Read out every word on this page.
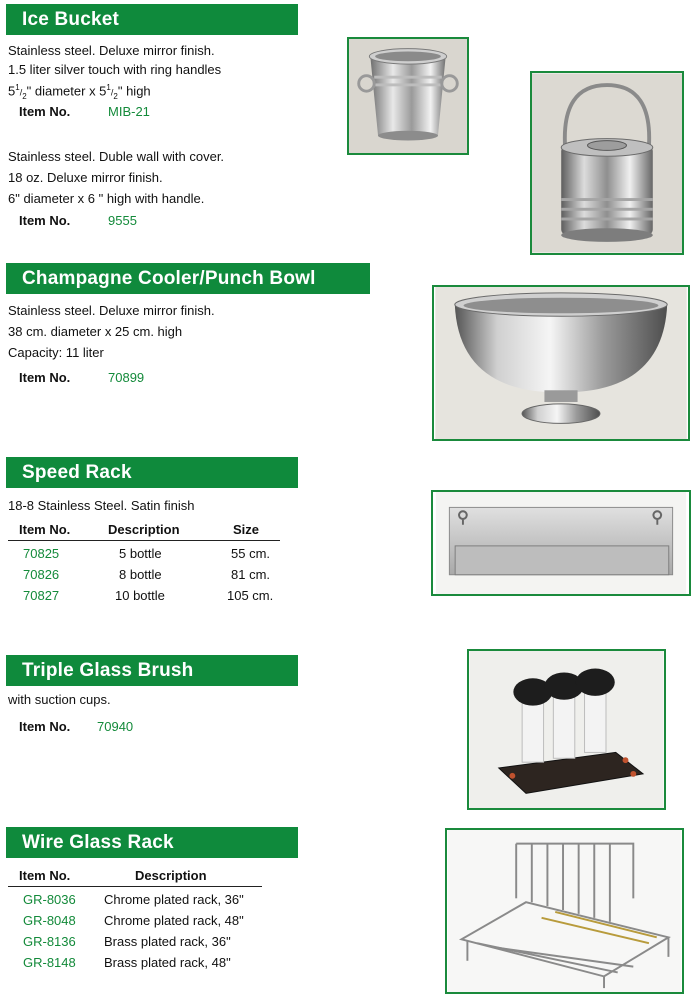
Ice Bucket
Stainless steel. Deluxe mirror finish.
1.5 liter silver touch with ring handles
$5^1/_2$" diameter x $5^1/_2$" high
Item No.	MIB-21
Stainless steel. Duble wall with cover.
18 oz. Deluxe mirror finish.
6" diameter x 6 " high with handle.
Item No.	9555
Champagne Cooler/Punch Bowl
Stainless steel. Deluxe mirror finish.
38 cm. diameter x 25 cm. high
Capacity: 11 liter
Item No.	70899
Speed Rack
18-8 Stainless Steel. Satin finish
Item No.	Description	Size
70825	5 bottle	55 cm.
70826	8 bottle	81 cm.
70827	10 bottle	105 cm.
Triple Glass Brush
with suction cups.
Item No. 70940
Wire Glass Rack
Item No.	Description
GR-8036 Chrome plated rack, 36"
GR-8048 Chrome plated rack, 48"
GR-8136 Brass plated rack, 36"
GR-8148 Brass plated rack, 48"
